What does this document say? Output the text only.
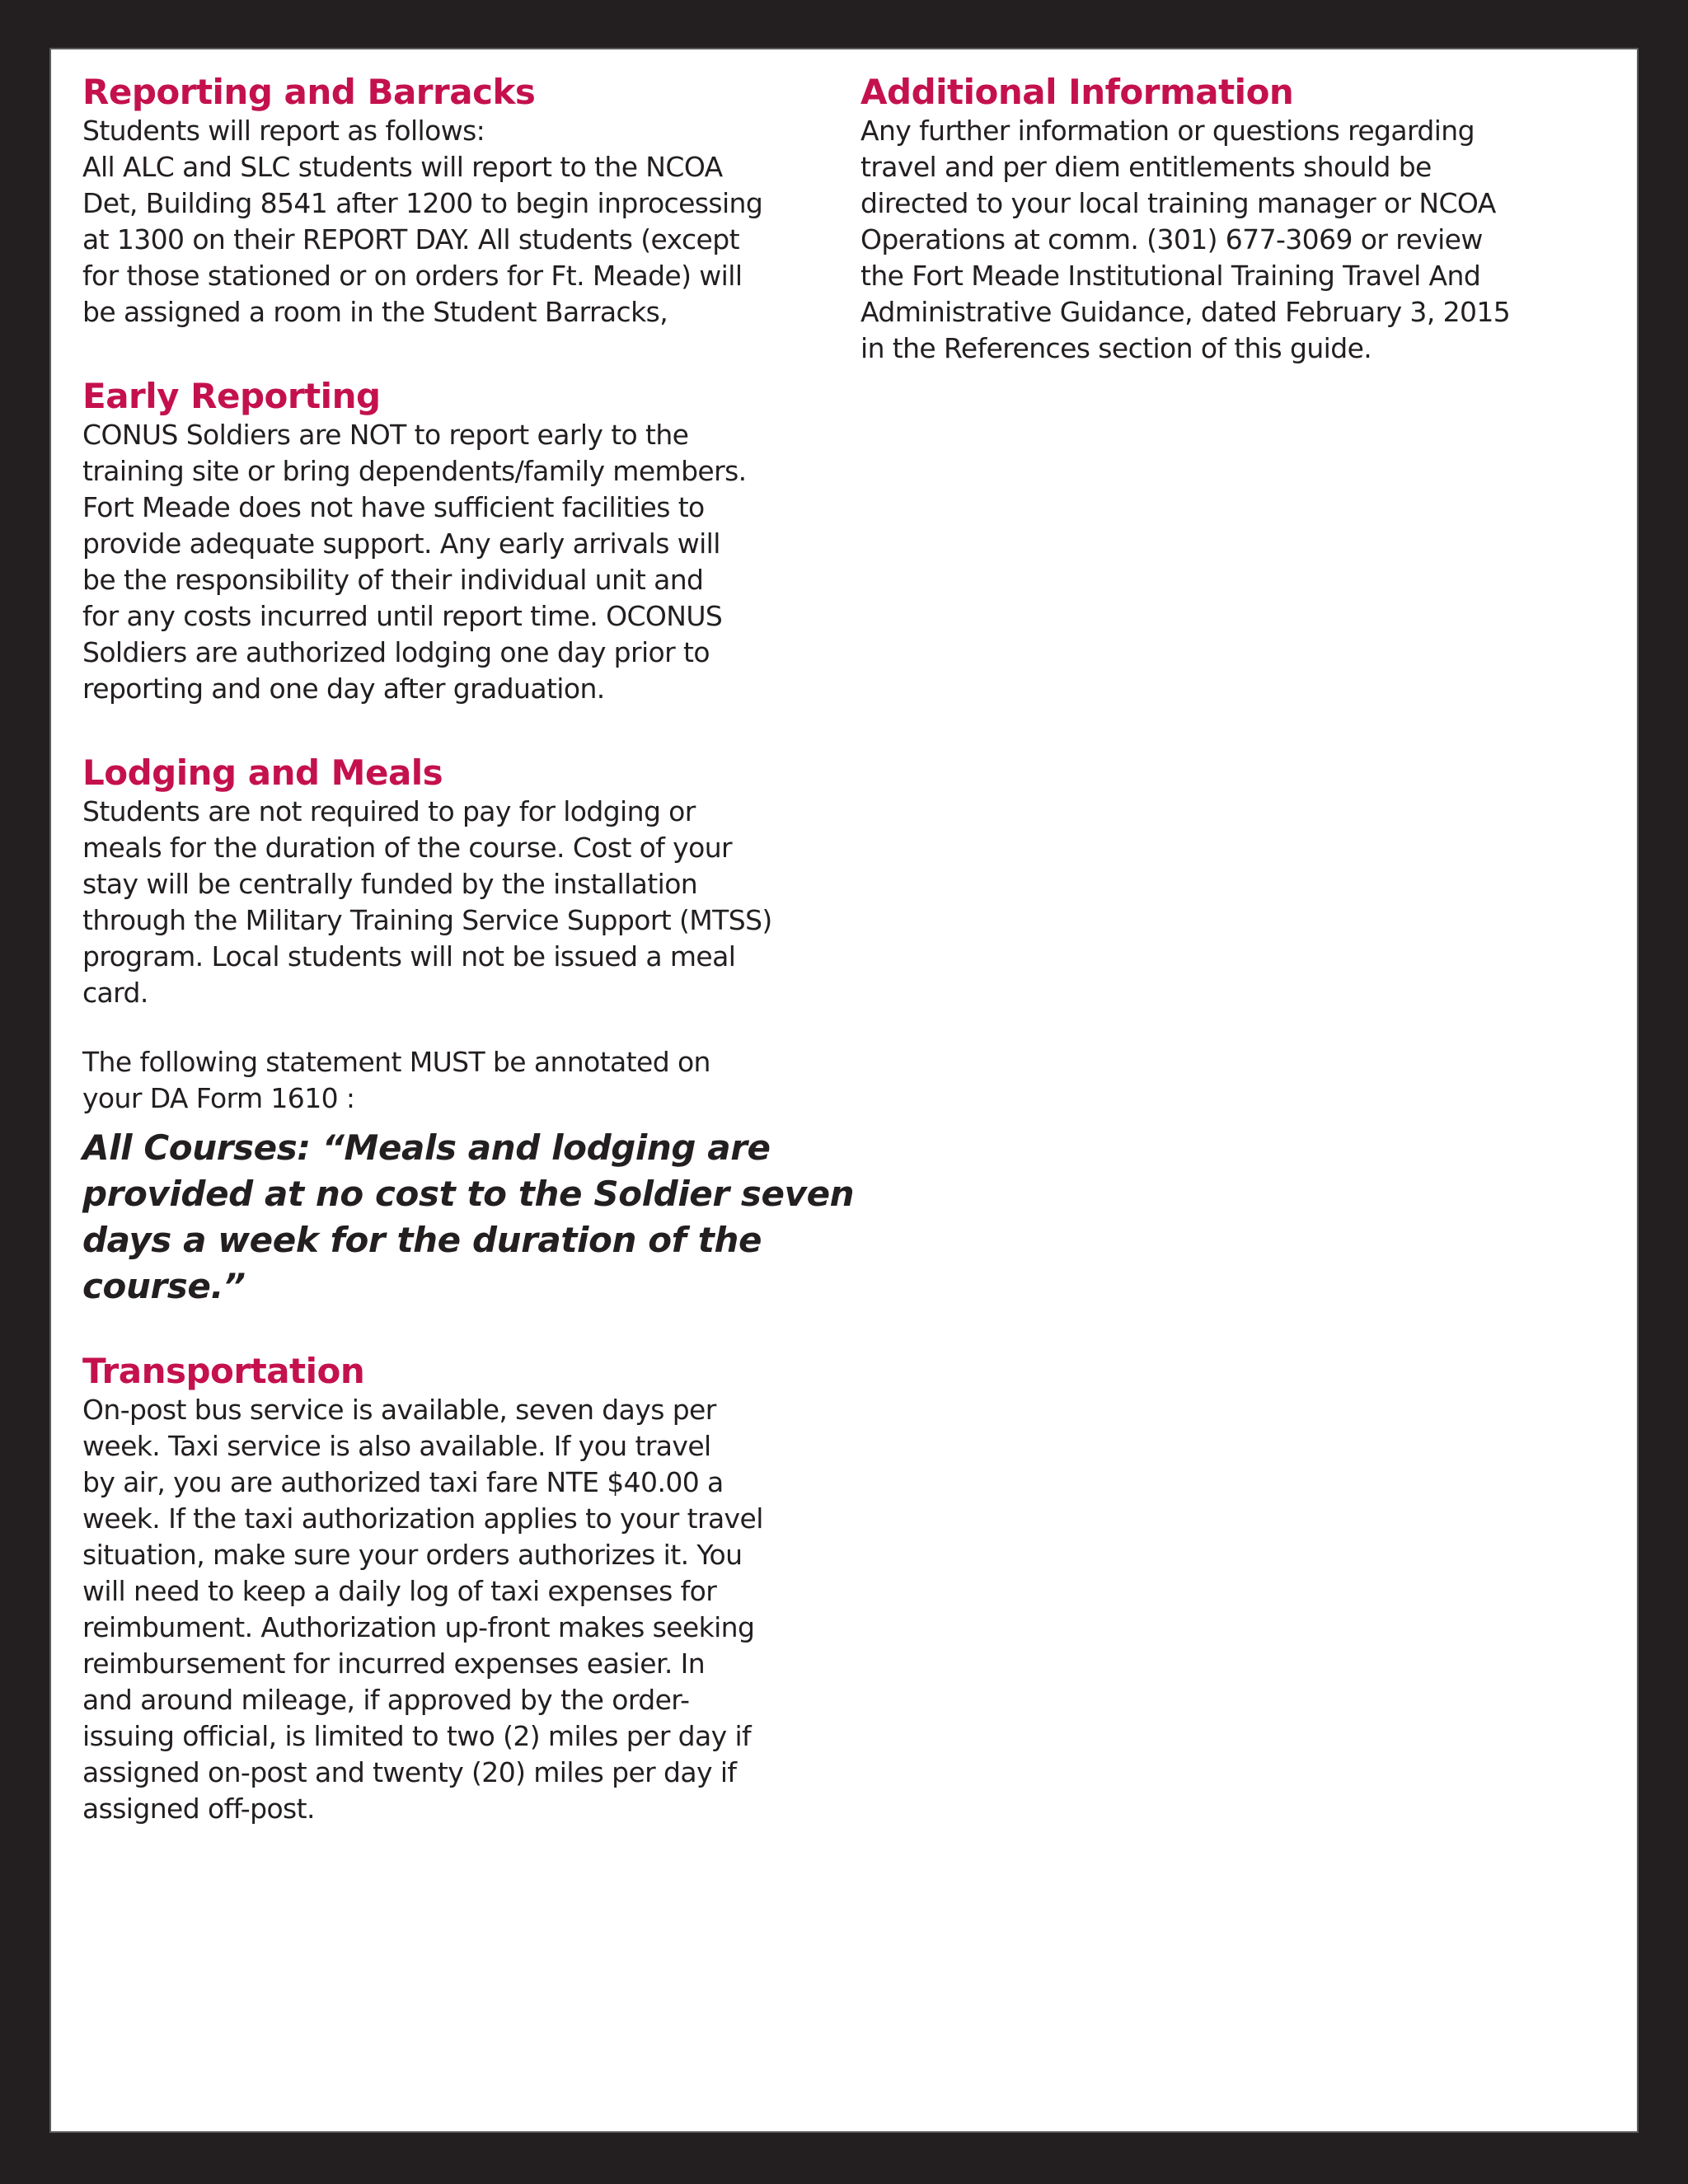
Reporting and Barracks

Students will report as follows:
All ALC and SLC students will report to the NCOA
Det, Building 8541 after 1200 to begin inprocessing
at 1300 on their REPORT DAY. All students (except
for those stationed or on orders for Ft. Meade) will
be assigned a room in the Student Barracks,

Early Reporting

CONUS Soldiers are NOT to report early to the
training site or bring dependents/family members.
Fort Meade does not have sufficient facilities to
provide adequate support. Any early arrivals will
be the responsibility of their individual unit and
for any costs incurred until report time. OCONUS
Soldiers are authorized lodging one day prior to
reporting and one day after graduation.

Lodging and Meals

Students are not required to pay for lodging or
meals for the duration of the course. Cost of your
stay will be centrally funded by the installation
through the Military Training Service Support (MTSS)
program. Local students will not be issued a meal
card.

The following statement MUST be annotated on
your DA Form 1610 :

All Courses: “Meals and lodging are
provided at no cost to the Soldier seven
days a week for the duration of the
course.”

Transportation

On-post bus service is available, seven days per
week. Taxi service is also available. If you travel
by air, you are authorized taxi fare NTE $40.00 a
week. If the taxi authorization applies to your travel
situation, make sure your orders authorizes it. You
will need to keep a daily log of taxi expenses for
reimbument. Authorization up-front makes seeking
reimbursement for incurred expenses easier. In
and around mileage, if approved by the order-
issuing official, is limited to two (2) miles per day if
assigned on-post and twenty (20) miles per day if
assigned off-post.

Additional Information

Any further information or questions regarding
travel and per diem entitlements should be
directed to your local training manager or NCOA
Operations at comm. (301) 677-3069 or review
the Fort Meade Institutional Training Travel And
Administrative Guidance, dated February 3, 2015
in the References section of this guide.
